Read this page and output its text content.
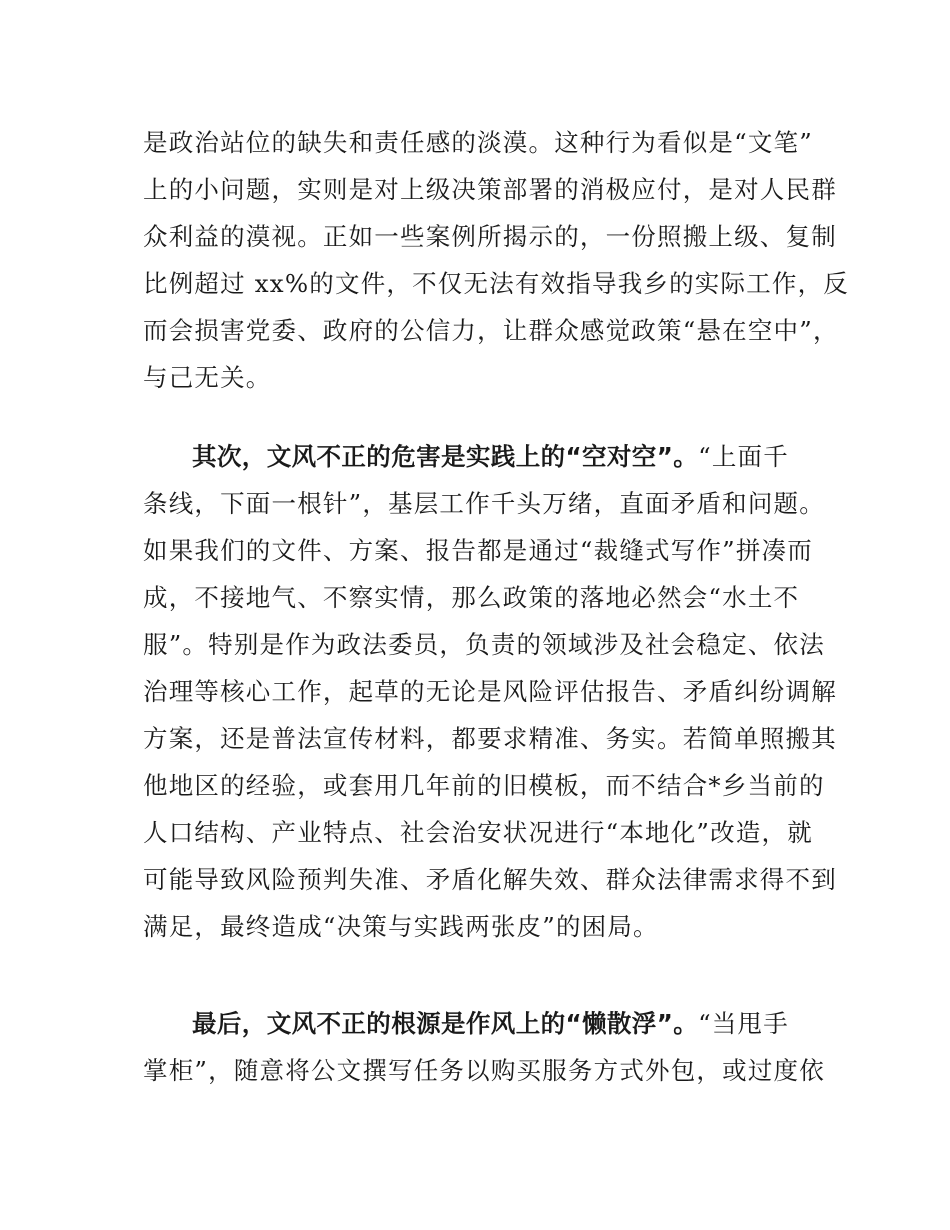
是政治站位的缺失和责任感的淡漠。这种行为看似是“文笔”
上的小问题，实则是对上级决策部署的消极应付，是对人民群
众利益的漠视。正如一些案例所揭示的，一份照搬上级、复制
比例超过 xx%的文件，不仅无法有效指导我乡的实际工作，反
而会损害党委、政府的公信力，让群众感觉政策“悬在空中”，
与己无关。
其次，文风不正的危害是实践上的“空对空”。“上面千
条线，下面一根针”，基层工作千头万绪，直面矛盾和问题。
如果我们的文件、方案、报告都是通过“裁缝式写作”拼凑而
成，不接地气、不察实情，那么政策的落地必然会“水土不
服”。特别是作为政法委员，负责的领域涉及社会稳定、依法
治理等核心工作，起草的无论是风险评估报告、矛盾纠纷调解
方案，还是普法宣传材料，都要求精准、务实。若简单照搬其
他地区的经验，或套用几年前的旧模板，而不结合*乡当前的
人口结构、产业特点、社会治安状况进行“本地化”改造，就
可能导致风险预判失准、矛盾化解失效、群众法律需求得不到
满足，最终造成“决策与实践两张皮”的困局。
最后，文风不正的根源是作风上的“懒散浮”。“当甩手
掌柜”，随意将公文撰写任务以购买服务方式外包，或过度依
